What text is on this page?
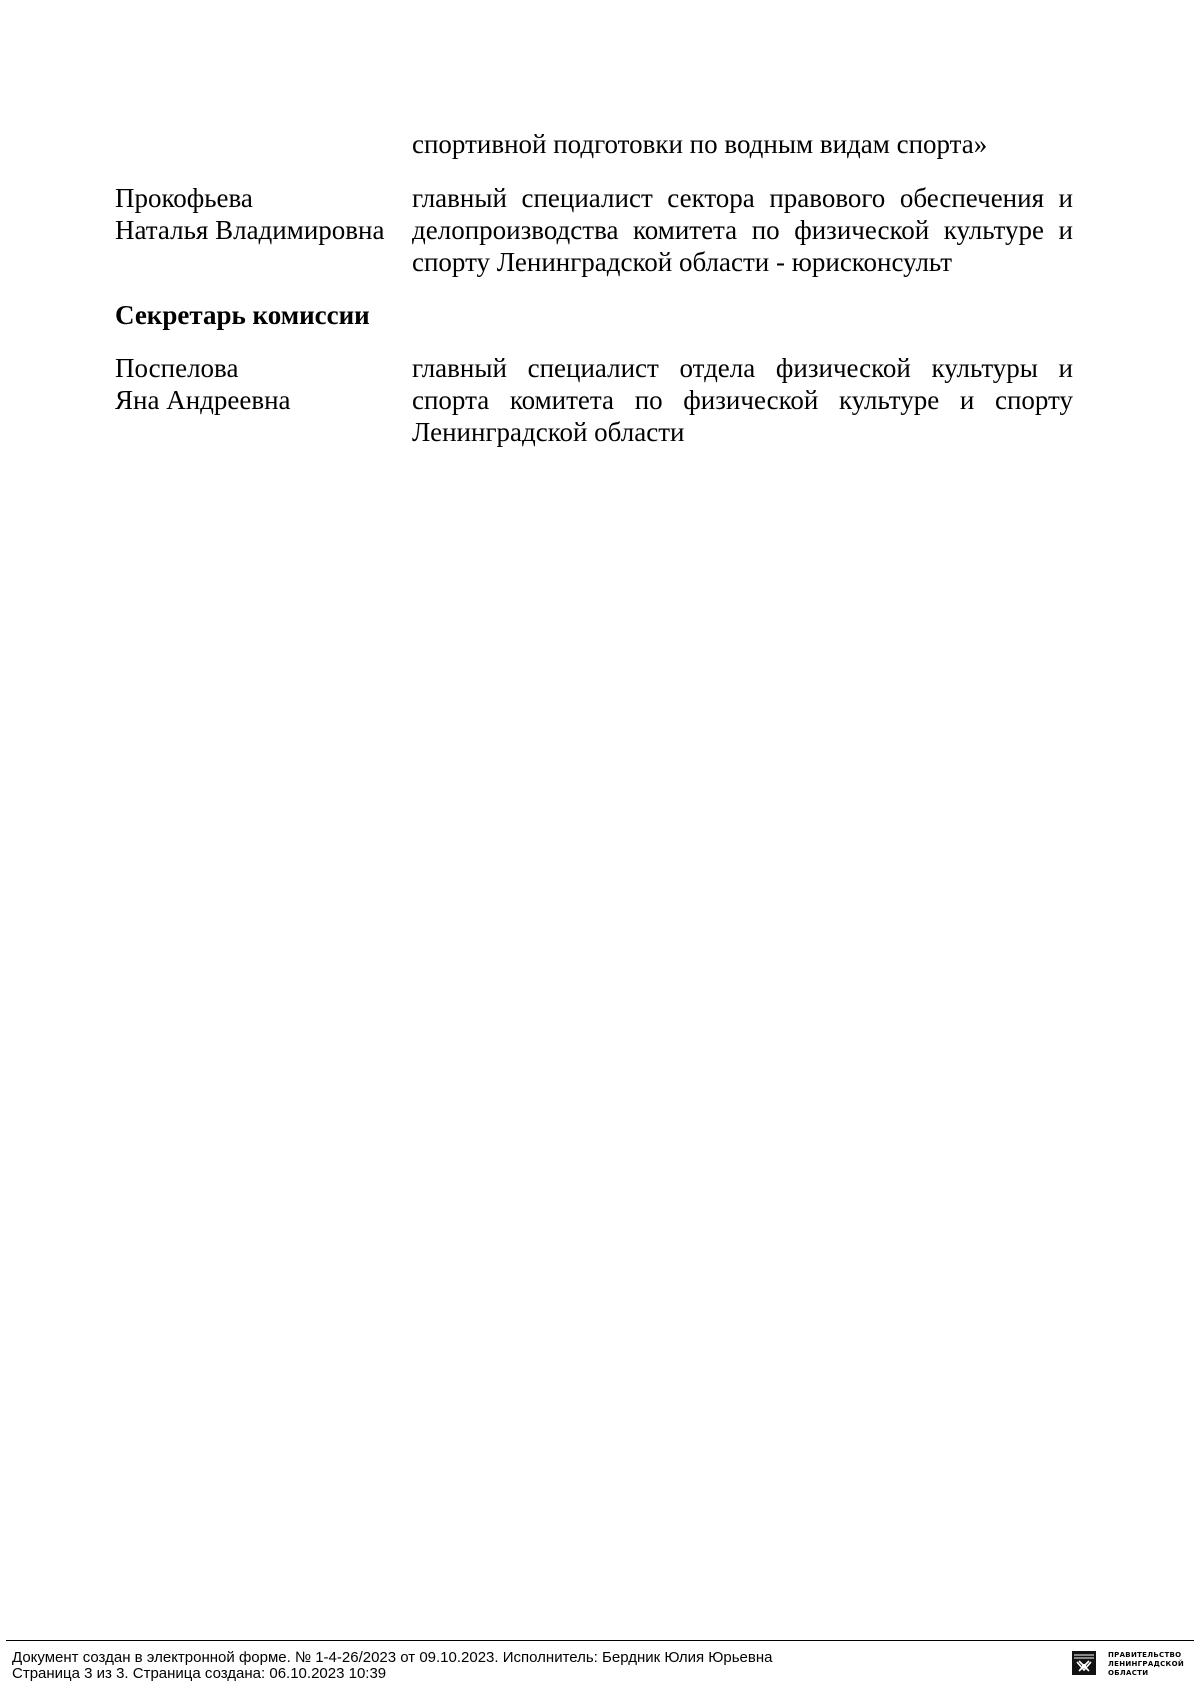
спортивной подготовки по водным видам спорта»
Прокофьева
Наталья Владимировна
главный специалист сектора правового обеспечения и
делопроизводства комитета по физической культуре и
спорту Ленинградской области - юрисконсульт
Секретарь комиссии
Поспелова
Яна Андреевна
главный специалист отдела физической культуры и
спорта комитета по физической культуре и спорту
Ленинградской области
Документ создан в электронной форме. № 1-4-26/2023 от 09.10.2023. Исполнитель: Бердник Юлия Юрьевна
Страница 3 из 3. Страница создана: 06.10.2023 10:39
ПРАВИТЕЛЬСТВО
ЛЕНИНГРАДСКОЙ
ОБЛАСТИ
